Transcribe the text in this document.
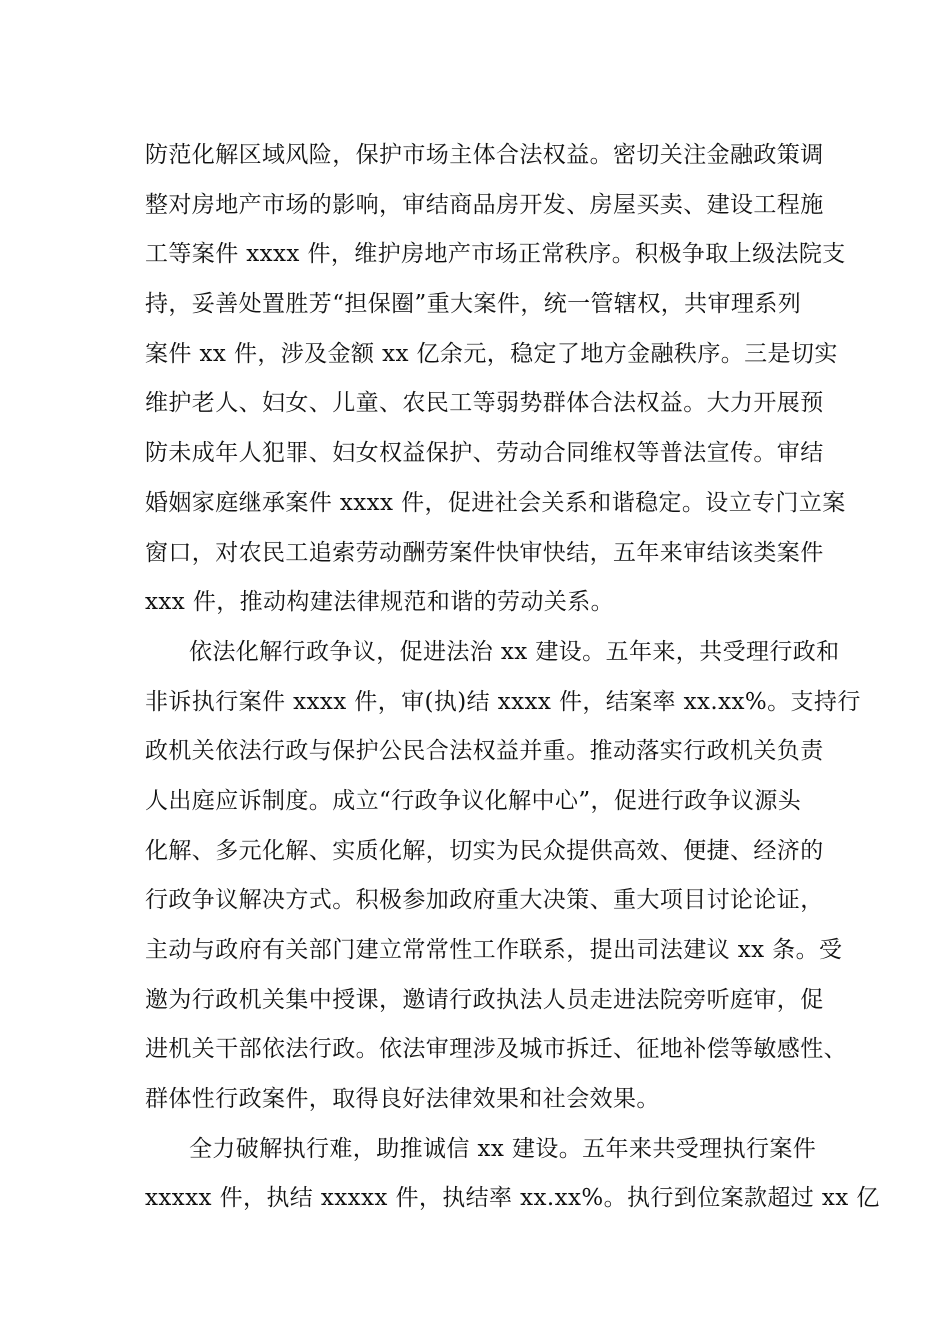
防范化解区域风险，保护市场主体合法权益。密切关注金融政策调
整对房地产市场的影响，审结商品房开发、房屋买卖、建设工程施
工等案件 xxxx 件，维护房地产市场正常秩序。积极争取上级法院支
持，妥善处置胜芳“担保圈”重大案件，统一管辖权，共审理系列
案件 xx 件，涉及金额 xx 亿余元，稳定了地方金融秩序。三是切实
维护老人、妇女、儿童、农民工等弱势群体合法权益。大力开展预
防未成年人犯罪、妇女权益保护、劳动合同维权等普法宣传。审结
婚姻家庭继承案件 xxxx 件，促进社会关系和谐稳定。设立专门立案
窗口，对农民工追索劳动酬劳案件快审快结，五年来审结该类案件
xxx 件，推动构建法律规范和谐的劳动关系。
依法化解行政争议，促进法治 xx 建设。五年来，共受理行政和
非诉执行案件 xxxx 件，审(执)结 xxxx 件，结案率 xx.xx%。支持行
政机关依法行政与保护公民合法权益并重。推动落实行政机关负责
人出庭应诉制度。成立“行政争议化解中心”，促进行政争议源头
化解、多元化解、实质化解，切实为民众提供高效、便捷、经济的
行政争议解决方式。积极参加政府重大决策、重大项目讨论论证，
主动与政府有关部门建立常常性工作联系，提出司法建议 xx 条。受
邀为行政机关集中授课，邀请行政执法人员走进法院旁听庭审，促
进机关干部依法行政。依法审理涉及城市拆迁、征地补偿等敏感性、
群体性行政案件，取得良好法律效果和社会效果。
全力破解执行难，助推诚信 xx 建设。五年来共受理执行案件
xxxxx 件，执结 xxxxx 件，执结率 xx.xx%。执行到位案款超过 xx 亿
